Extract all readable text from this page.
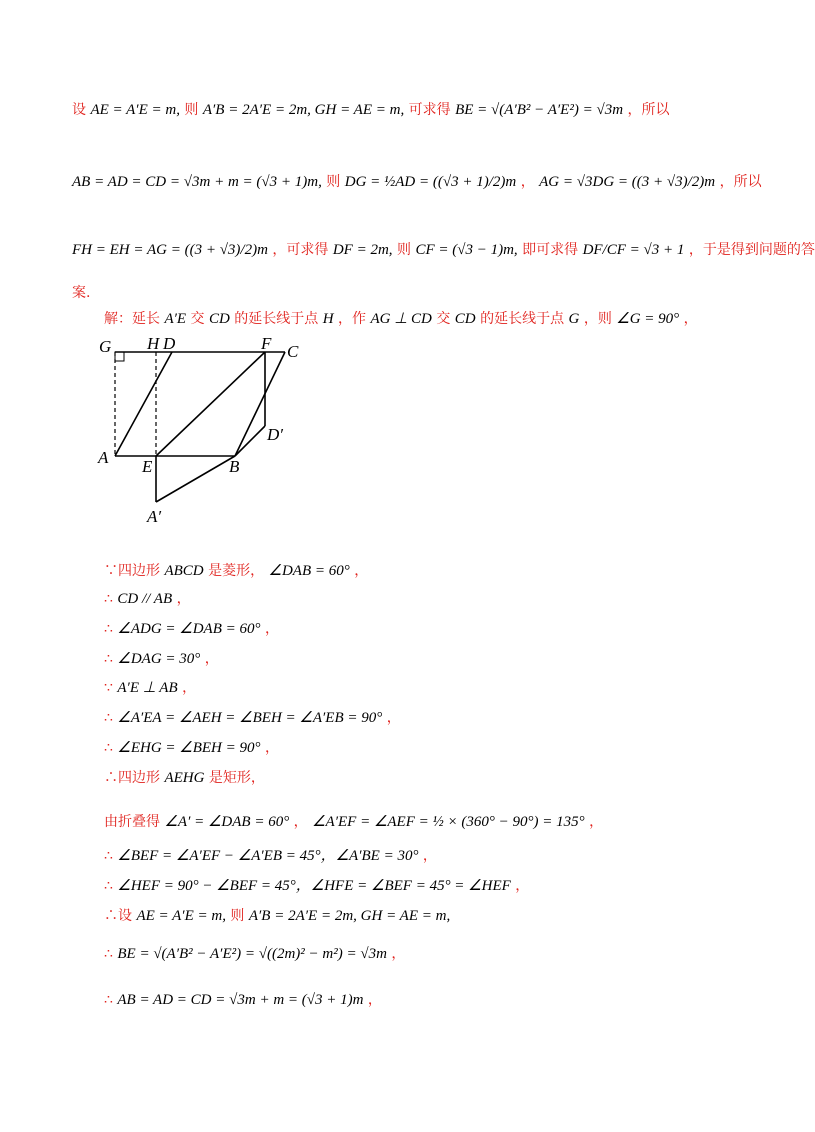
设 AE = A′E = m, 则 A′B = 2A′E = 2m, GH = AE = m, 可求得 BE = √(A′B² − A′E²) = √3m ，所以
AB = AD = CD = √3m + m = (√3 + 1)m, 则 DG = ½AD = ((√3 + 1)/2)m ， AG = √3DG = ((3 + √3)/2)m ，所以
FH = EH = AG = ((3 + √3)/2)m ，可求得 DF = 2m, 则 CF = (√3 − 1)m, 即可求得 DF/CF = √3 + 1 ，于是得到问题的答
案.
解：延长 A′E 交 CD 的延长线于点 H ，作 AG ⊥ CD 交 CD 的延长线于点 G ，则 ∠G = 90° ，
G H D	F C
D′
A E	B
A′
∵四边形 ABCD 是菱形， ∠DAB = 60° ，
∴ CD // AB ，
∴ ∠ADG = ∠DAB = 60° ，
∴ ∠DAG = 30° ，
∵ A′E ⊥ AB ，
∴ ∠A′EA = ∠AEH = ∠BEH = ∠A′EB = 90° ，
∴ ∠EHG = ∠BEH = 90° ，
∴四边形 AEHG 是矩形，
由折叠得 ∠A′ = ∠DAB = 60° ， ∠A′EF = ∠AEF = ½ × (360° − 90°) = 135° ，
∴ ∠BEF = ∠A′EF − ∠A′EB = 45°，∠A′BE = 30° ，
∴ ∠HEF = 90° − ∠BEF = 45°，∠HFE = ∠BEF = 45° = ∠HEF ，
∴设 AE = A′E = m, 则 A′B = 2A′E = 2m, GH = AE = m,
∴ BE = √(A′B² − A′E²) = √((2m)² − m²) = √3m ，
∴ AB = AD = CD = √3m + m = (√3 + 1)m ，
